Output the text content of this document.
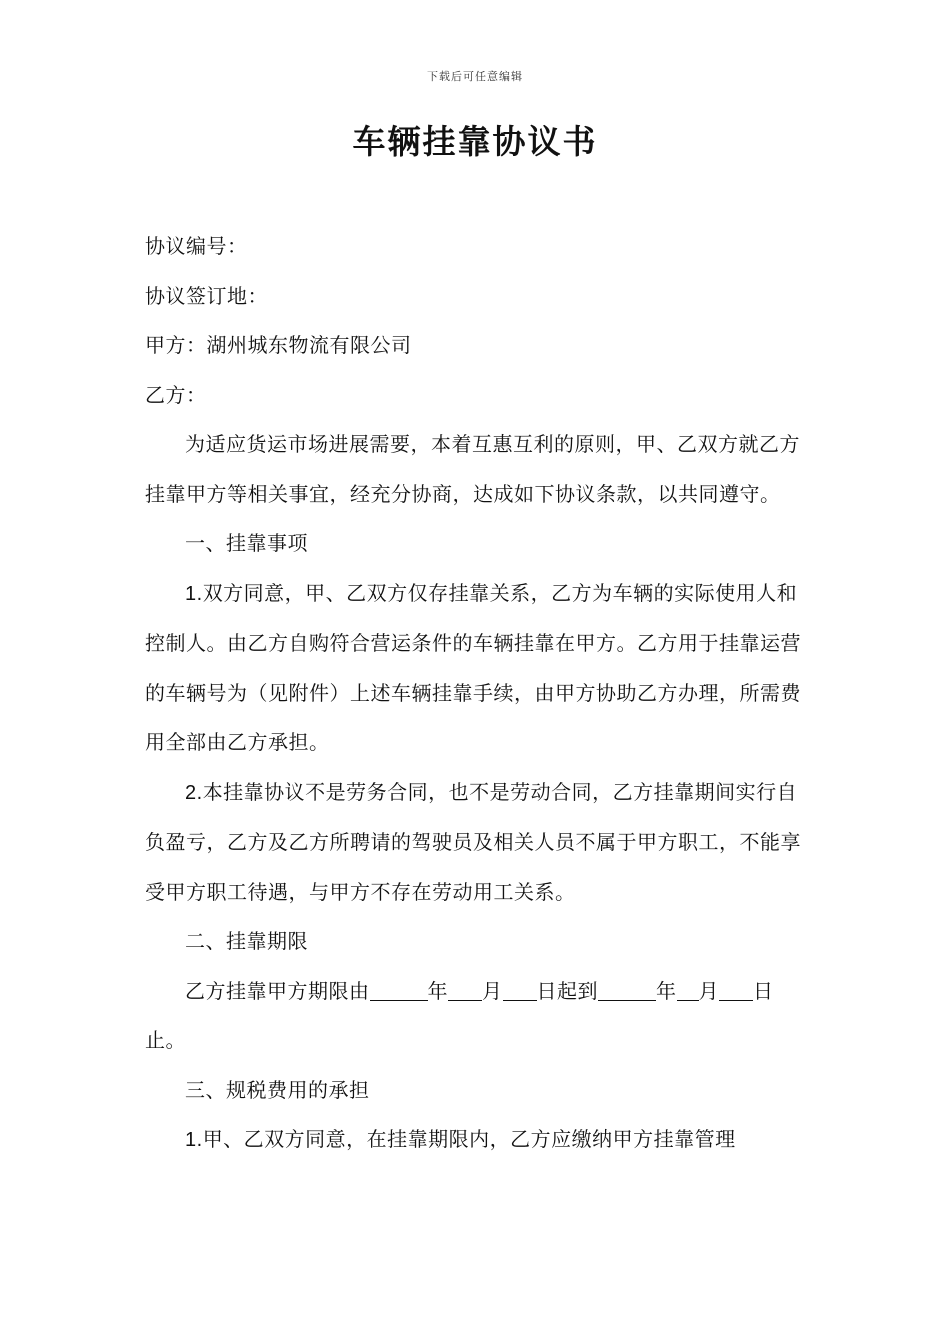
下载后可任意编辑
车辆挂靠协议书

协议编号：

协议签订地：

甲方：湖州城东物流有限公司

乙方：

为适应货运市场进展需要，本着互惠互利的原则，甲、乙双方就乙方挂靠甲方等相关事宜，经充分协商，达成如下协议条款，以共同遵守。

一、挂靠事项

1.双方同意，甲、乙双方仅存挂靠关系，乙方为车辆的实际使用人和控制人。由乙方自购符合营运条件的车辆挂靠在甲方。乙方用于挂靠运营的车辆号为（见附件）上述车辆挂靠手续，由甲方协助乙方办理，所需费用全部由乙方承担。

2.本挂靠协议不是劳务合同，也不是劳动合同，乙方挂靠期间实行自负盈亏，乙方及乙方所聘请的驾驶员及相关人员不属于甲方职工，不能享受甲方职工待遇，与甲方不存在劳动用工关系。

二、挂靠期限

乙方挂靠甲方期限由	年 月 日起到	年 月 日止。

三、规税费用的承担

1.甲、乙双方同意，在挂靠期限内，乙方应缴纳甲方挂靠管理
